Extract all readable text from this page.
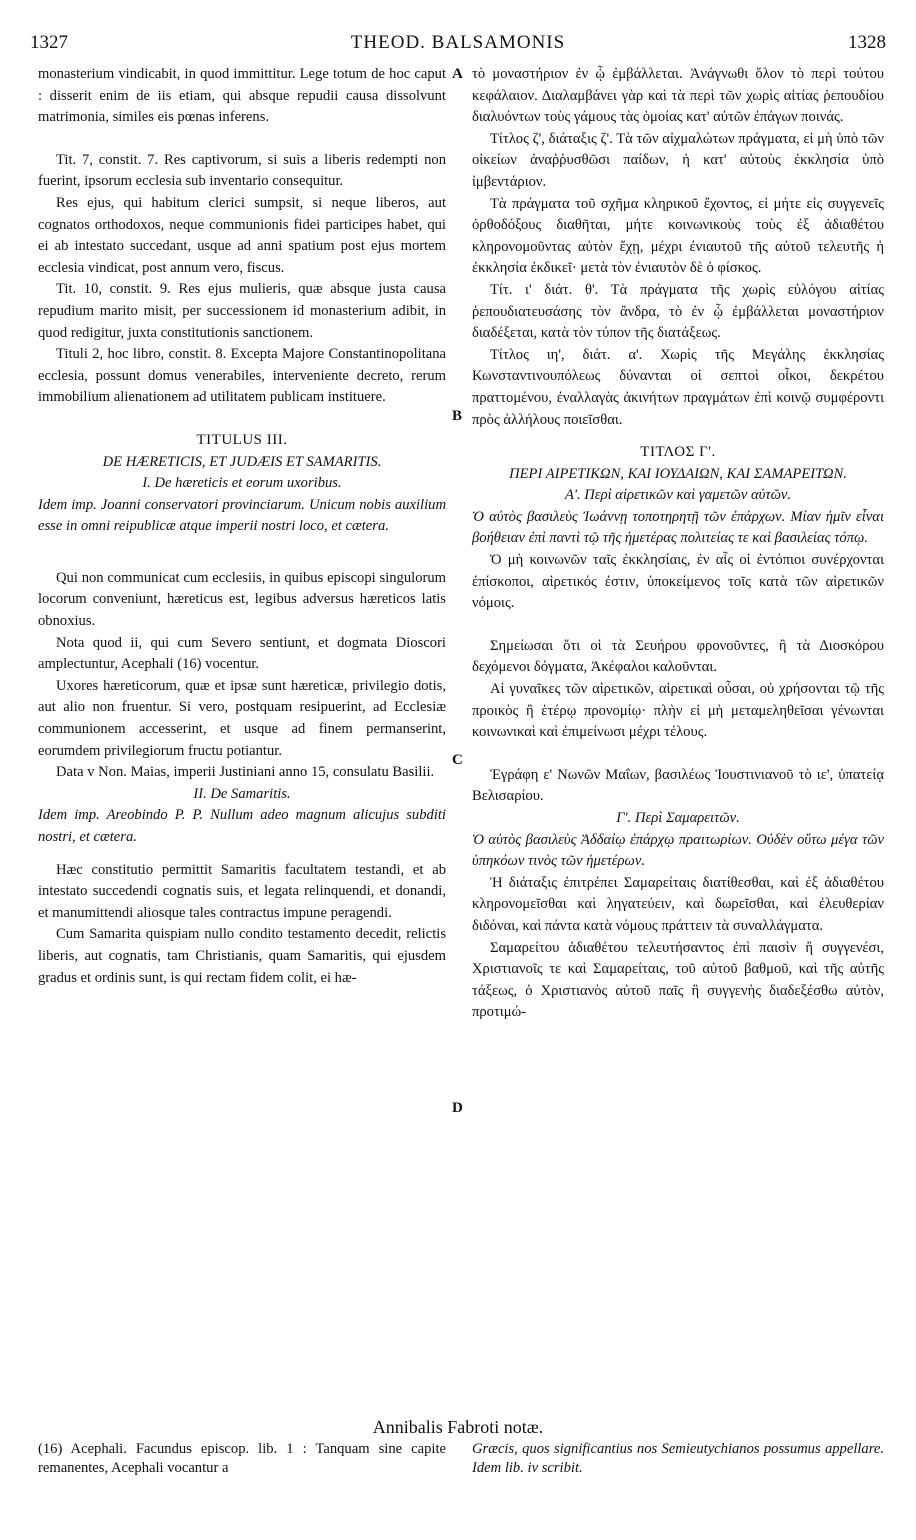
1327	THEOD. BALSAMONIS	1328
A
B
C
D

monasterium vindicabit, in quod immittitur. Lege totum de hoc caput : disserit enim de iis etiam, qui absque repudii causa dissolvunt matrimonia, similes eis pœnas inferens.

Tit. 7, constit. 7. Res captivorum, si suis a liberis redempti non fuerint, ipsorum ecclesia sub inventario consequitur.

Res ejus, qui habitum clerici sumpsit, si neque liberos, aut cognatos orthodoxos, neque communionis fidei participes habet, qui ei ab intestato succedant, usque ad anni spatium post ejus mortem ecclesia vindicat, post annum vero, fiscus.

Tit. 10, constit. 9. Res ejus mulieris, quæ absque justa causa repudium marito misit, per successionem id monasterium adibit, in quod redigitur, juxta constitutionis sanctionem.

Tituli 2, hoc libro, constit. 8. Excepta Majore Constantinopolitana ecclesia, possunt domus venerabiles, interveniente decreto, rerum immobilium alienationem ad utilitatem publicam instituere.

TITULUS III.

DE HÆRETICIS, ET JUDÆIS ET SAMARITIS.

I. De hæreticis et eorum uxoribus.

Idem imp. Joanni conservatori provinciarum. Unicum nobis auxilium esse in omni reipublicæ atque imperii nostri loco, et cætera.

Qui non communicat cum ecclesiis, in quibus episcopi singulorum locorum conveniunt, hæreticus est, legibus adversus hæreticos latis obnoxius.

Nota quod ii, qui cum Severo sentiunt, et dogmata Dioscori amplectuntur, Acephali (16) vocentur.

Uxores hæreticorum, quæ et ipsæ sunt hæreticæ, privilegio dotis, aut alio non fruentur. Si vero, postquam resipuerint, ad Ecclesiæ communionem accesserint, et usque ad finem permanserint, eorumdem privilegiorum fructu potiantur.

Data v Non. Maias, imperii Justiniani anno 15, consulatu Basilii.

II. De Samaritis.

Idem imp. Areobindo P. P. Nullum adeo magnum alicujus subditi nostri, et cætera.

Hæc constitutio permittit Samaritis facultatem testandi, et ab intestato succedendi cognatis suis, et legata relinquendi, et donandi, et manumittendi aliosque tales contractus impune peragendi.

Cum Samarita quispiam nullo condito testamento decedit, relictis liberis, aut cognatis, tam Christianis, quam Samaritis, qui ejusdem gradus et ordinis sunt, is qui rectam fidem colit, ei hæ-

τὸ μοναστήριον ἐν ᾧ ἐμβάλλεται. Ἀνάγνωθι ὅλον τὸ περὶ τούτου κεφάλαιον. Διαλαμβάνει γὰρ καὶ τὰ περὶ τῶν χωρὶς αἰτίας ῥεπουδίου διαλυόντων τοὺς γάμους τὰς ὁμοίας κατ' αὐτῶν ἐπάγων ποινάς.

Τίτλος ζ', διάταξις ζ'. Τὰ τῶν αἰχμαλώτων πράγματα, εἰ μὴ ὑπὸ τῶν οἰκείων ἀναῤῥυσθῶσι παίδων, ἡ κατ' αὐτοὺς ἐκκλησία ὑπὸ ἰμβεντάριον.

Τὰ πράγματα τοῦ σχῆμα κληρικοῦ ἔχοντος, εἰ μήτε εἰς συγγενεῖς ὀρθοδόξους διαθῆται, μήτε κοινωνικοὺς τοὺς ἐξ ἀδιαθέτου κληρονομοῦντας αὐτὸν ἔχῃ, μέχρι ἐνιαυτοῦ τῆς αὐτοῦ τελευτῆς ἡ ἐκκλησία ἐκδικεῖ· μετὰ τὸν ἐνιαυτὸν δὲ ὁ φίσκος.

Τίτ. ι' διάτ. θ'. Τὰ πράγματα τῆς χωρὶς εὐλόγου αἰτίας ῥεπουδιατευσάσης τὸν ἄνδρα, τὸ ἐν ᾧ ἐμβάλλεται μοναστήριον διαδέξεται, κατὰ τὸν τύπον τῆς διατάξεως.

Τίτλος ιη', διάτ. α'. Χωρὶς τῆς Μεγάλης ἐκκλησίας Κωνσταντινουπόλεως δύνανται οἱ σεπτοὶ οἶκοι, δεκρέτου πραττομένου, ἐναλλαγὰς ἀκινήτων πραγμάτων ἐπὶ κοινῷ συμφέροντι πρὸς ἀλλήλους ποιεῖσθαι.

ΤΙΤΛΟΣ Γ'.

ΠΕΡΙ ΑΙΡΕΤΙΚΩΝ, ΚΑΙ ΙΟΥΔΑΙΩΝ, ΚΑΙ ΣΑΜΑΡΕΙΤΩΝ.

Α'. Περὶ αἱρετικῶν καὶ γαμετῶν αὐτῶν.

Ὁ αὐτὸς βασιλεὺς Ἰωάννῃ τοποτηρητῇ τῶν ἐπάρχων. Μίαν ἡμῖν εἶναι βοήθειαν ἐπὶ παντὶ τῷ τῆς ἡμετέρας πολιτείας τε καὶ βασιλείας τόπῳ.

Ὁ μὴ κοινωνῶν ταῖς ἐκκλησίαις, ἐν αἷς οἱ ἐντόπιοι συνέρχονται ἐπίσκοποι, αἱρετικός ἐστιν, ὑποκείμενος τοῖς κατὰ τῶν αἱρετικῶν νόμοις.

Σημείωσαι ὅτι οἱ τὰ Σευήρου φρονοῦντες, ἢ τὰ Διοσκόρου δεχόμενοι δόγματα, Ἀκέφαλοι καλοῦνται.

Αἱ γυναῖκες τῶν αἱρετικῶν, αἱρετικαὶ οὖσαι, οὐ χρήσονται τῷ τῆς προικὸς ἢ ἑτέρῳ προνομίῳ· πλὴν εἰ μὴ μεταμεληθεῖσαι γένωνται κοινωνικαὶ καὶ ἐπιμείνωσι μέχρι τέλους.

Ἐγράφη ε' Νωνῶν Μαΐων, βασιλέως Ἰουστινιανοῦ τὸ ιε', ὑπατείᾳ Βελισαρίου.

Γ'. Περὶ Σαμαρειτῶν.

Ὁ αὐτὸς βασιλεὺς Ἀδδαίῳ ἐπάρχῳ πραιτωρίων. Οὐδὲν οὕτω μέγα τῶν ὑπηκόων τινὸς τῶν ἡμετέρων.

Ἡ διάταξις ἐπιτρέπει Σαμαρείταις διατίθεσθαι, καὶ ἐξ ἀδιαθέτου κληρονομεῖσθαι καὶ ληγατεύειν, καὶ δωρεῖσθαι, καὶ ἐλευθερίαν διδόναι, καὶ πάντα κατὰ νόμους πράττειν τὰ συναλλάγματα.

Σαμαρείτου ἀδιαθέτου τελευτήσαντος ἐπὶ παισὶν ἢ συγγενέσι, Χριστιανοῖς τε καὶ Σαμαρείταις, τοῦ αὐτοῦ βαθμοῦ, καὶ τῆς αὐτῆς τάξεως, ὁ Χριστιανὸς αὐτοῦ παῖς ἢ συγγενὴς διαδεξέσθω αὐτὸν, προτιμώ-

Annibalis Fabroti notæ.

(16) Acephali. Facundus episcop. lib. 1 : Tanquam sine capite remanentes, Acephali vocantur a

Græcis, quos significantius nos Semieutychianos possumus appellare. Idem lib. iv scribit.
